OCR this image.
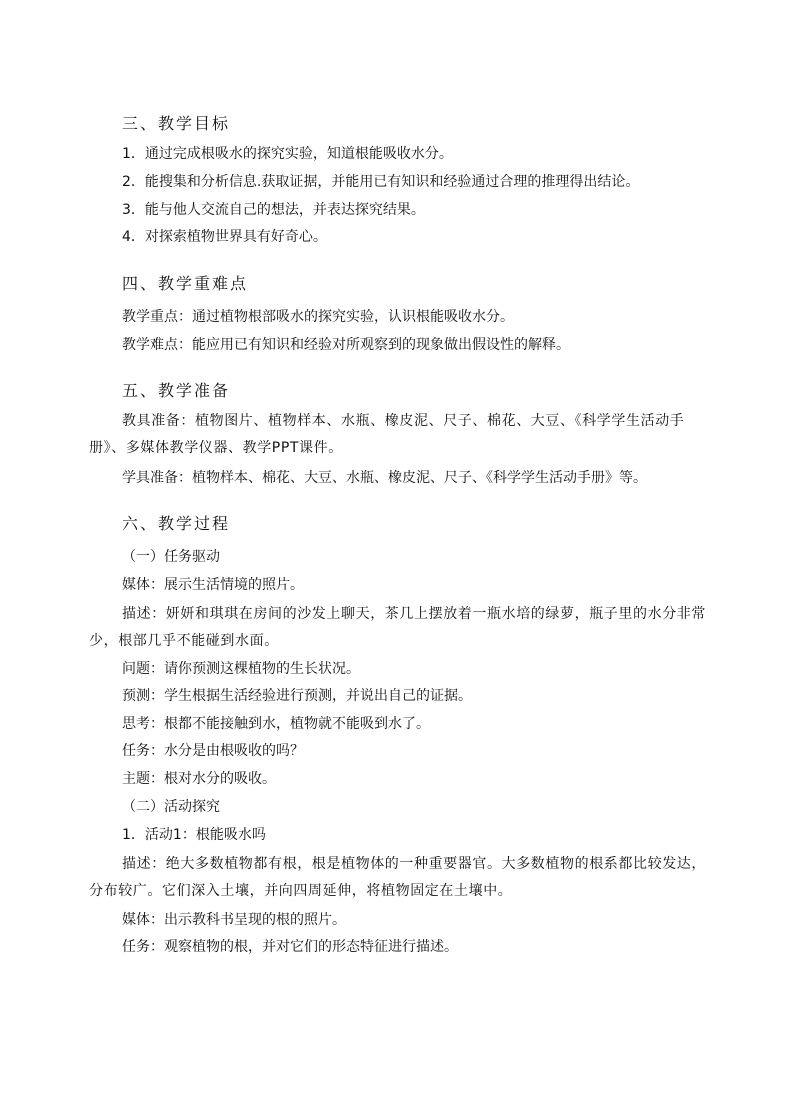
三、教学目标
1．通过完成根吸水的探究实验，知道根能吸收水分。
2．能搜集和分析信息.获取证据，并能用已有知识和经验通过合理的推理得出结论。
3．能与他人交流自己的想法，并表达探究结果。
4．对探索植物世界具有好奇心。
四、教学重难点
教学重点：通过植物根部吸水的探究实验，认识根能吸收水分。
教学难点：能应用已有知识和经验对所观察到的现象做出假设性的解释。
五、教学准备
教具准备：植物图片、植物样本、水瓶、橡皮泥、尺子、棉花、大豆、《科学学生活动手册》、多媒体教学仪器、教学PPT课件。
学具准备：植物样本、棉花、大豆、水瓶、橡皮泥、尺子、《科学学生活动手册》等。
六、教学过程
（一）任务驱动
媒体：展示生活情境的照片。
描述：妍妍和琪琪在房间的沙发上聊天，茶几上摆放着一瓶水培的绿萝，瓶子里的水分非常少，根部几乎不能碰到水面。
问题：请你预测这棵植物的生长状况。
预测：学生根据生活经验进行预测，并说出自己的证据。
思考：根都不能接触到水，植物就不能吸到水了。
任务：水分是由根吸收的吗？
主题：根对水分的吸收。
（二）活动探究
1．活动1：根能吸水吗
描述：绝大多数植物都有根，根是植物体的一种重要器官。大多数植物的根系都比较发达，分布较广。它们深入土壤，并向四周延伸，将植物固定在土壤中。
媒体：出示教科书呈现的根的照片。
任务：观察植物的根，并对它们的形态特征进行描述。
